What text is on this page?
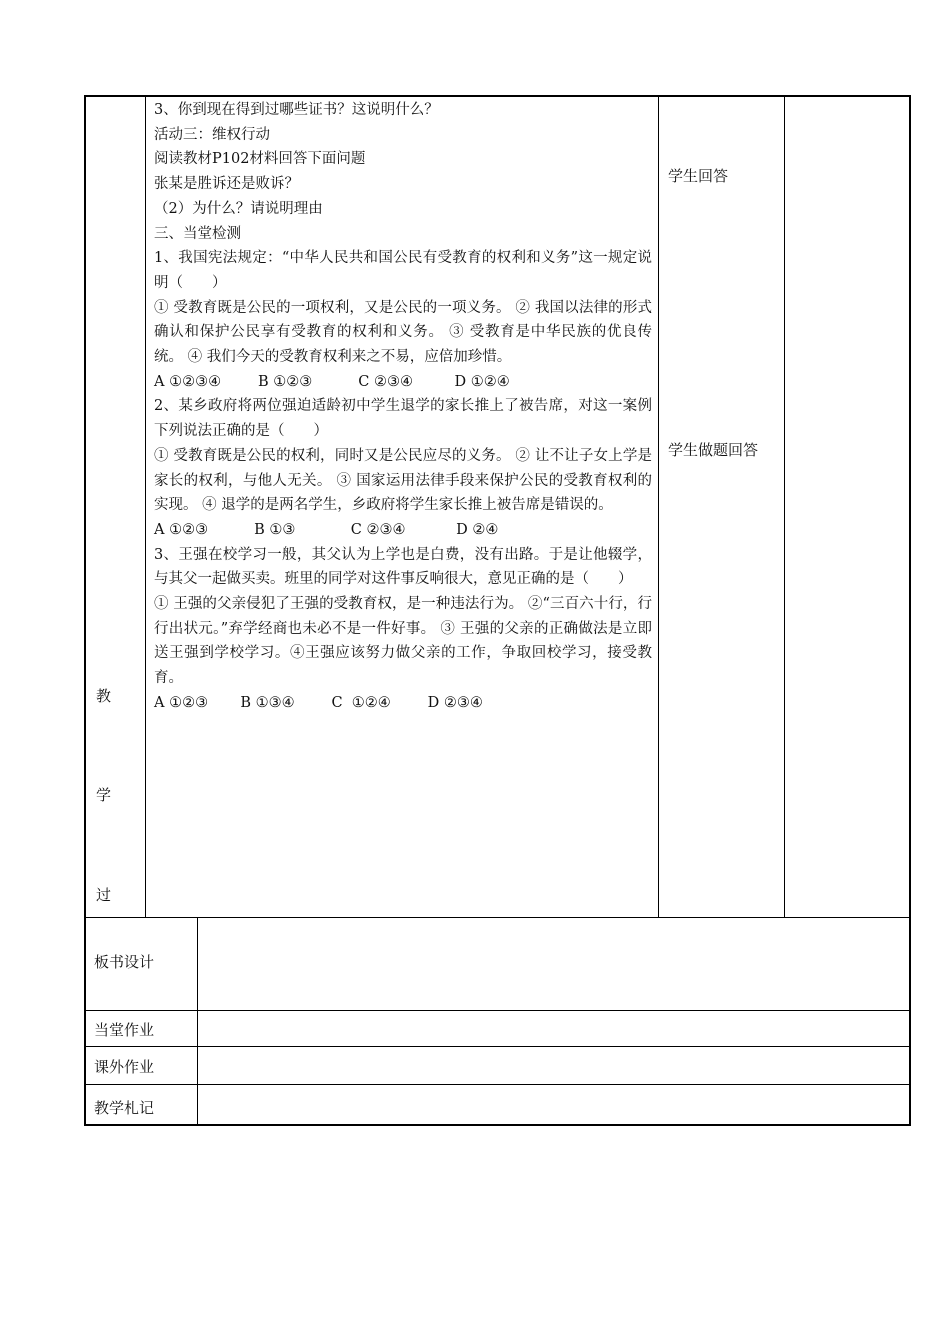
教
学
过

3、你到现在得到过哪些证书？这说明什么？

活动三：维权行动

阅读教材P102材料回答下面问题

张某是胜诉还是败诉？

（2）为什么？请说明理由

三、当堂检测

1、我国宪法规定：“中华人民共和国公民有受教育的权利和义务”这一规定说明（　　）

① 受教育既是公民的一项权利，又是公民的一项义务。 ② 我国以法律的形式确认和保护公民享有受教育的权利和义务。 ③ 受教育是中华民族的优良传统。 ④ 我们今天的受教育权利来之不易，应倍加珍惜。

A ①②③④        B ①②③          C ②③④         D ①②④

2、某乡政府将两位强迫适龄初中学生退学的家长推上了被告席，对这一案例下列说法正确的是（　　）

① 受教育既是公民的权利，同时又是公民应尽的义务。 ② 让不让子女上学是家长的权利，与他人无关。 ③ 国家运用法律手段来保护公民的受教育权利的实现。 ④ 退学的是两名学生，乡政府将学生家长推上被告席是错误的。

A ①②③          B ①③            C ②③④           D ②④

3、王强在校学习一般，其父认为上学也是白费，没有出路。于是让他辍学，与其父一起做买卖。班里的同学对这件事反响很大，意见正确的是（　　）

① 王强的父亲侵犯了王强的受教育权，是一种违法行为。 ②“三百六十行，行行出状元。”弃学经商也未必不是一件好事。 ③ 王强的父亲的正确做法是立即送王强到学校学习。④王强应该努力做父亲的工作，争取回校学习，接受教育。

A ①②③       B ①③④        C  ①②④        D ②③④

学生回答
学生做题回答
板书设计
当堂作业
课外作业
教学札记
